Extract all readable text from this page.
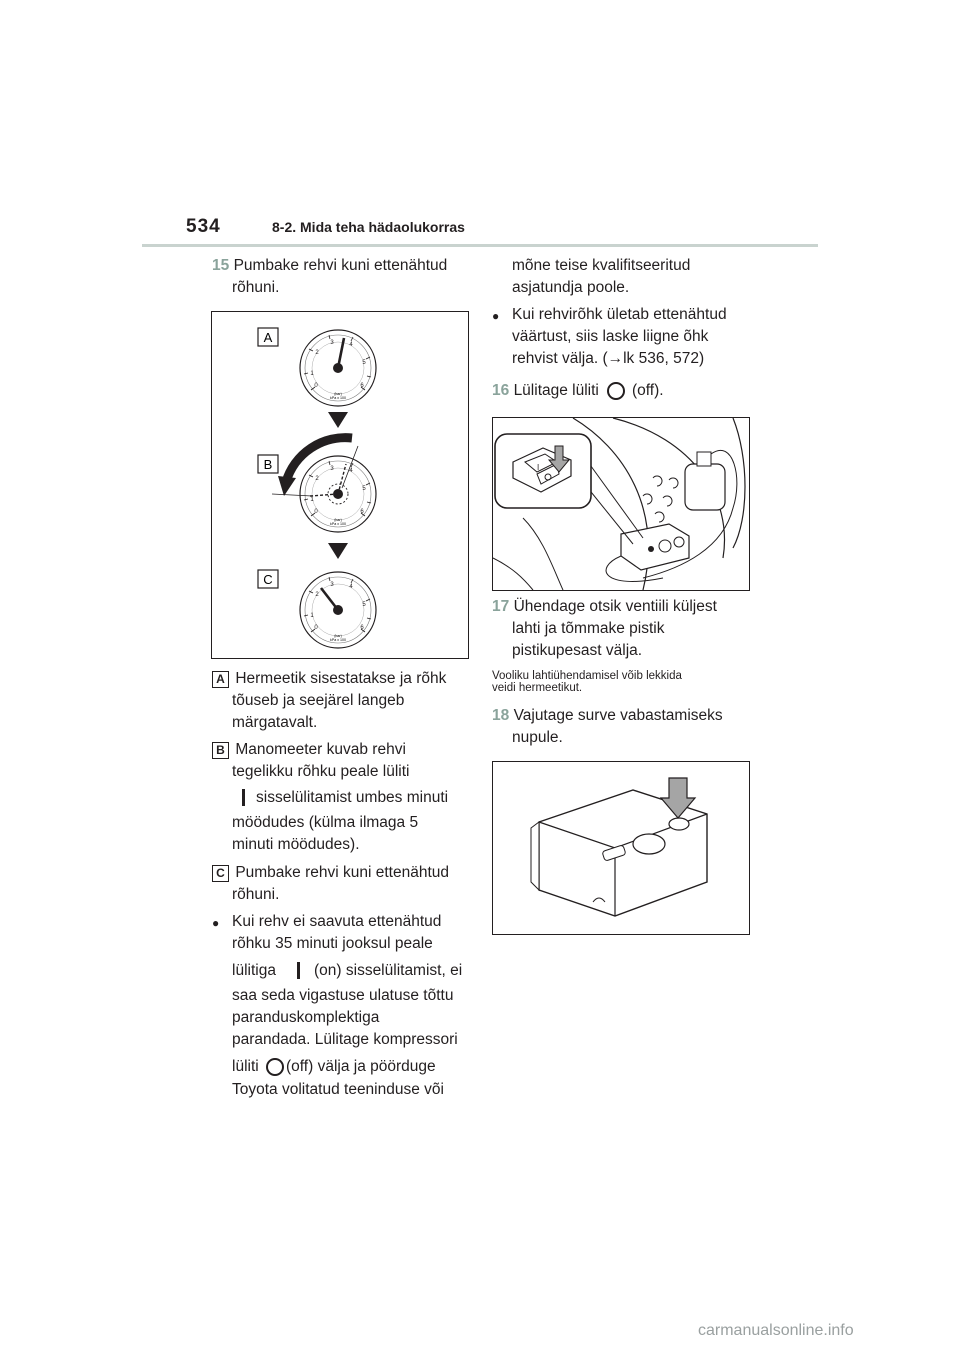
534	8-2. Mida teha hädaolukorras
15 Pumbake rehvi kuni ettenähtud
rõhuni.
0
1
2
3	4
5
6
(bar)
kPa x 100	A
B
C
A Hermeetik sisestatakse ja rõhk
tõuseb ja seejärel langeb
märgatavalt.
B Manomeeter kuvab rehvi
tegelikku rõhku peale lüliti
sisselülitamist umbes minuti
möödudes (külma ilmaga 5
minuti möödudes).
C Pumbake rehvi kuni ettenähtud
rõhuni.
● Kui rehv ei saavuta ettenähtud
rõhku 35 minuti jooksul peale
lülitiga (on) sisselülitamist, ei
saa seda vigastuse ulatuse tõttu
paranduskomplektiga
parandada. Lülitage kompressori
lüliti (off) välja ja pöörduge
Toyota volitatud teeninduse või
mõne teise kvalifitseeritud
asjatundja poole.
● Kui rehvirõhk ületab ettenähtud
väärtust, siis laske liigne õhk
rehvist välja. (→lk 536, 572)
16 Lülitage lüliti (off).
I
17 Ühendage otsik ventiili küljest
lahti ja tõmmake pistik
pistikupesast välja.
Vooliku lahtiühendamisel võib lekkida
veidi hermeetikut.
18 Vajutage surve vabastamiseks
nupule.
carmanualsonline.info
